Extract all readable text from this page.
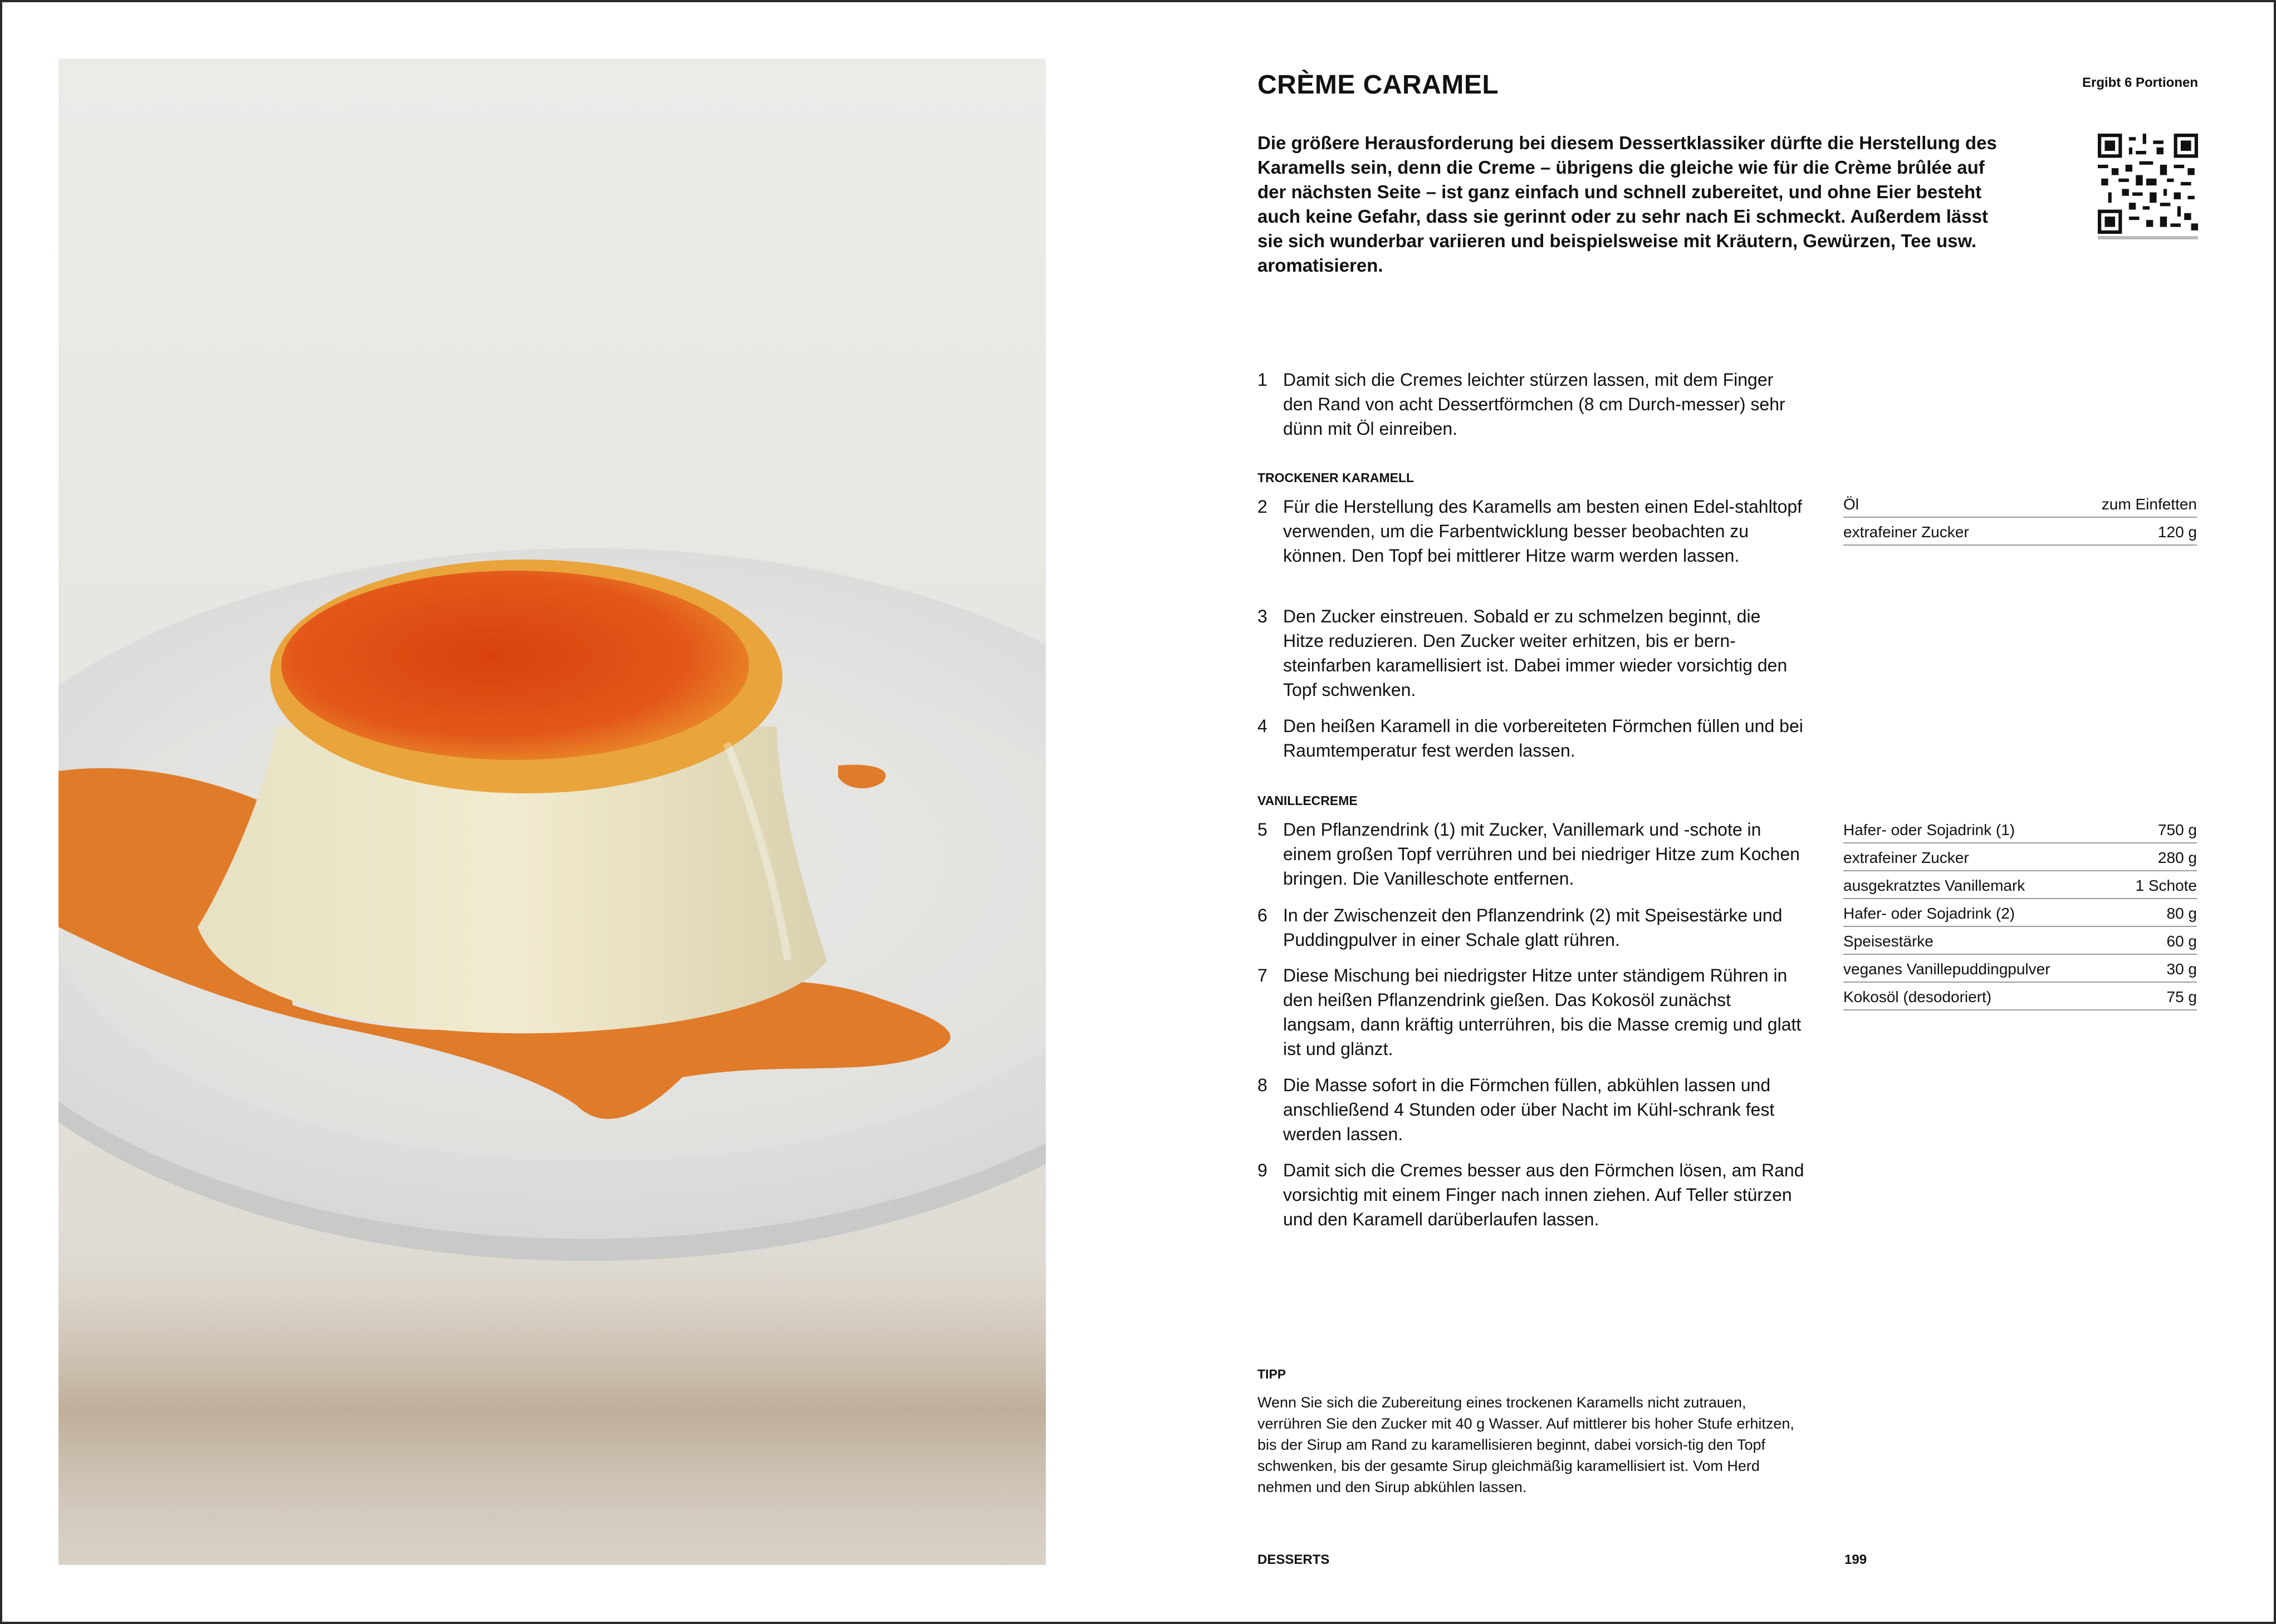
CRÈME CARAMEL	Ergibt 6 Portionen
Die größere Herausforderung bei diesem Dessertklassiker dürfte die Herstellung des Karamells sein, denn die Creme – übrigens die gleiche wie für die Crème brûlée auf der nächsten Seite – ist ganz einfach und schnell zubereitet, und ohne Eier besteht auch keine Gefahr, dass sie gerinnt oder zu sehr nach Ei schmeckt. Außerdem lässt sie sich wunderbar variieren und beispielsweise mit Kräutern, Gewürzen, Tee usw. aromatisieren.
1 Damit sich die Cremes leichter stürzen lassen, mit dem Finger den Rand von acht Dessertförmchen (8 cm Durch-messer) sehr dünn mit Öl einreiben.
TROCKENER KARAMELL
2 Für die Herstellung des Karamells am besten einen Edel-stahltopf verwenden, um die Farbentwicklung besser beobachten zu können. Den Topf bei mittlerer Hitze warm werden lassen.
3 Den Zucker einstreuen. Sobald er zu schmelzen beginnt, die Hitze reduzieren. Den Zucker weiter erhitzen, bis er bern-steinfarben karamellisiert ist. Dabei immer wieder vorsichtig den Topf schwenken.
4 Den heißen Karamell in die vorbereiteten Förmchen füllen und bei Raumtemperatur fest werden lassen.
Öl	zum Einfetten
extrafeiner Zucker	120 g
VANILLECREME
5 Den Pflanzendrink (1) mit Zucker, Vanillemark und -schote in einem großen Topf verrühren und bei niedriger Hitze zum Kochen bringen. Die Vanilleschote entfernen.
6 In der Zwischenzeit den Pflanzendrink (2) mit Speisestärke und Puddingpulver in einer Schale glatt rühren.
7 Diese Mischung bei niedrigster Hitze unter ständigem Rühren in den heißen Pflanzendrink gießen. Das Kokosöl zunächst langsam, dann kräftig unterrühren, bis die Masse cremig und glatt ist und glänzt.
8 Die Masse sofort in die Förmchen füllen, abkühlen lassen und anschließend 4 Stunden oder über Nacht im Kühl-schrank fest werden lassen.
9 Damit sich die Cremes besser aus den Förmchen lösen, am Rand vorsichtig mit einem Finger nach innen ziehen. Auf Teller stürzen und den Karamell darüberlaufen lassen.
Hafer- oder Sojadrink (1)	750 g
extrafeiner Zucker	280 g
ausgekratztes Vanillemark	1 Schote
Hafer- oder Sojadrink (2)	80 g
Speisestärke	60 g
veganes Vanillepuddingpulver	30 g
Kokosöl (desodoriert)	75 g
TIPP
Wenn Sie sich die Zubereitung eines trockenen Karamells nicht zutrauen, verrühren Sie den Zucker mit 40 g Wasser. Auf mittlerer bis hoher Stufe erhitzen, bis der Sirup am Rand zu karamellisieren beginnt, dabei vorsich-tig den Topf schwenken, bis der gesamte Sirup gleichmäßig karamellisiert ist. Vom Herd nehmen und den Sirup abkühlen lassen.
DESSERTS	199
